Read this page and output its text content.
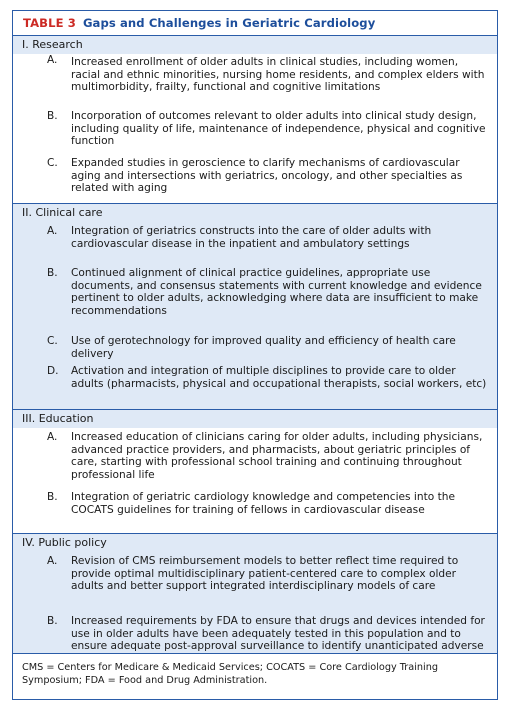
TABLE 3 Gaps and Challenges in Geriatric Cardiology
I. Research
A. Increased enrollment of older adults in clinical studies, including women, racial and ethnic minorities, nursing home residents, and complex elders with multimorbidity, frailty, functional and cognitive limitations
B. Incorporation of outcomes relevant to older adults into clinical study design, including quality of life, maintenance of independence, physical and cognitive function
C. Expanded studies in geroscience to clarify mechanisms of cardiovascular aging and intersections with geriatrics, oncology, and other specialties as related with aging
II. Clinical care
A. Integration of geriatrics constructs into the care of older adults with cardiovascular disease in the inpatient and ambulatory settings
B. Continued alignment of clinical practice guidelines, appropriate use documents, and consensus statements with current knowledge and evidence pertinent to older adults, acknowledging where data are insufficient to make recommendations
C. Use of gerotechnology for improved quality and efficiency of health care delivery
D. Activation and integration of multiple disciplines to provide care to older adults (pharmacists, physical and occupational therapists, social workers, etc)
III. Education
A. Increased education of clinicians caring for older adults, including physicians, advanced practice providers, and pharmacists, about geriatric principles of care, starting with professional school training and continuing throughout professional life
B. Integration of geriatric cardiology knowledge and competencies into the COCATS guidelines for training of fellows in cardiovascular disease
IV. Public policy
A. Revision of CMS reimbursement models to better reflect time required to provide optimal multidisciplinary patient-centered care to complex older adults and better support integrated interdisciplinary models of care
B. Increased requirements by FDA to ensure that drugs and devices intended for use in older adults have been adequately tested in this population and to ensure adequate post-approval surveillance to identify unanticipated adverse
CMS = Centers for Medicare & Medicaid Services; COCATS = Core Cardiology Training Symposium; FDA = Food and Drug Administration.
